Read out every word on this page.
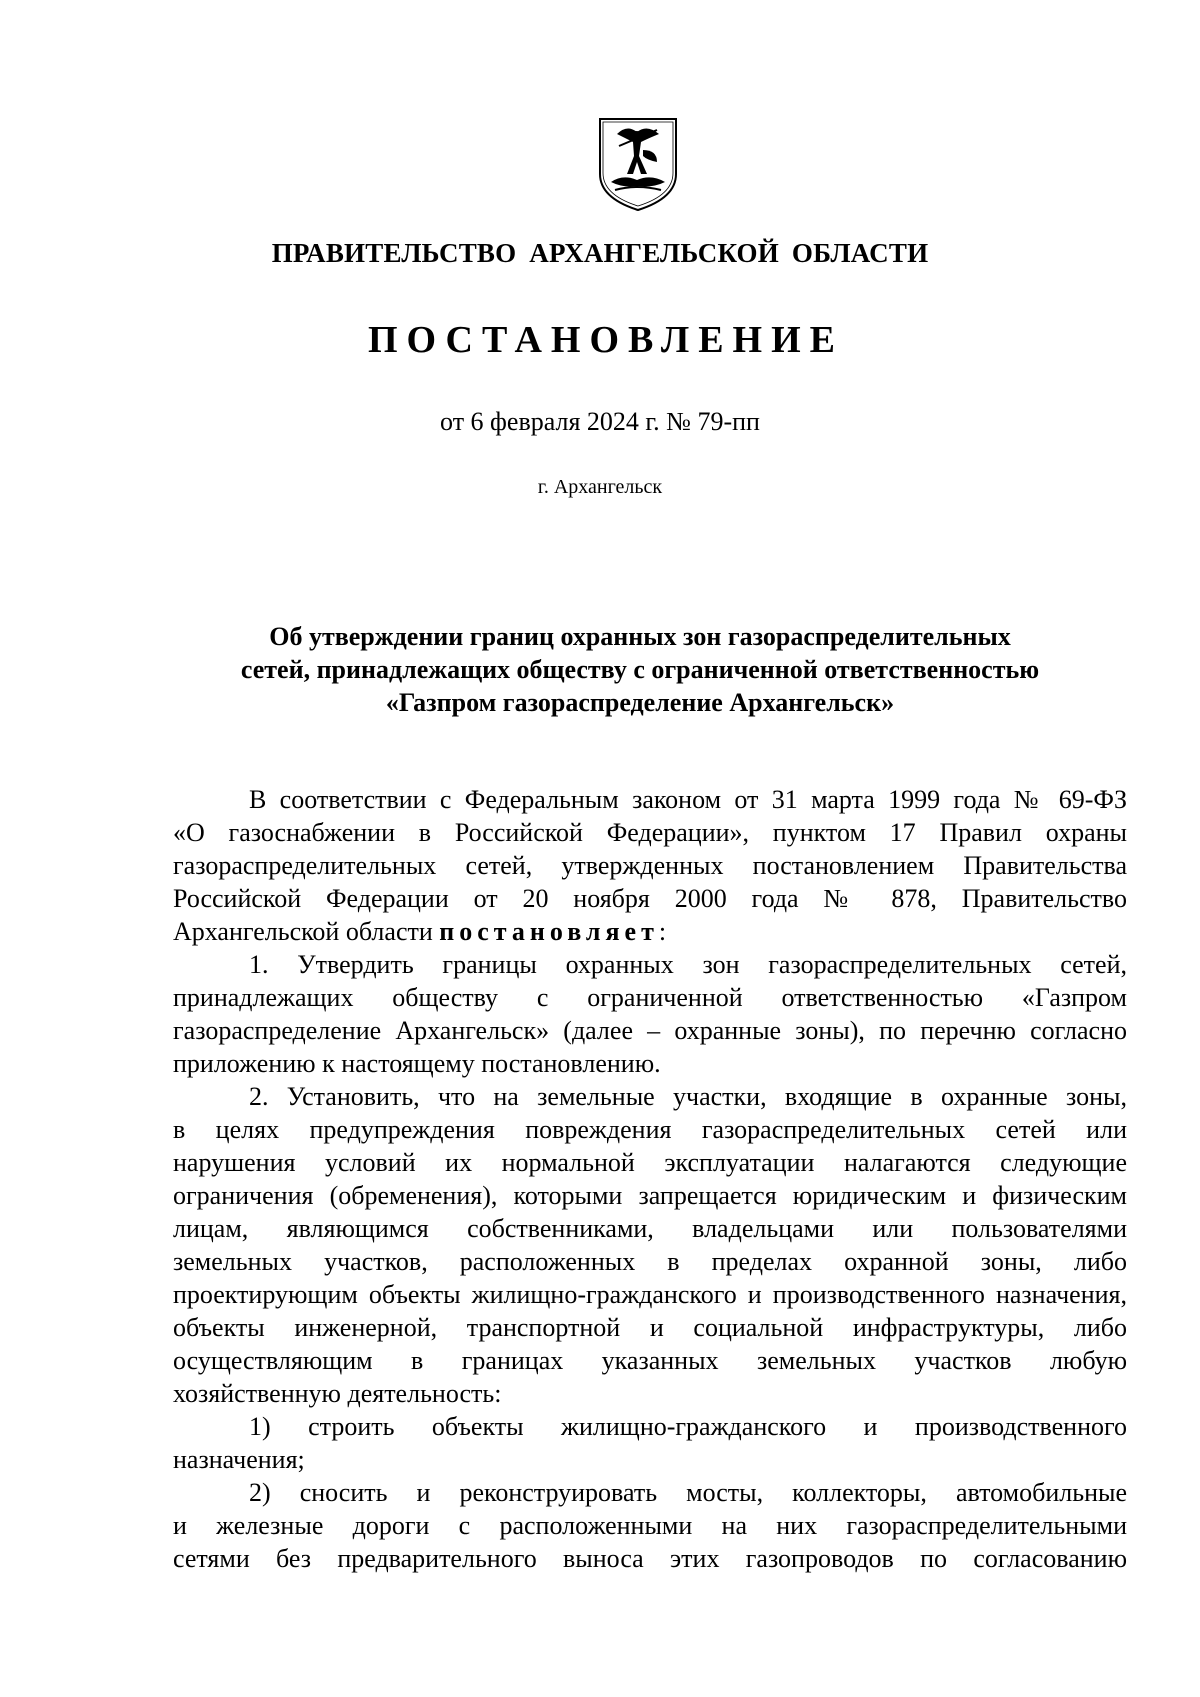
ПРАВИТЕЛЬСТВО АРХАНГЕЛЬСКОЙ ОБЛАСТИ
ПОСТАНОВЛЕНИЕ
от 6 февраля 2024 г. № 79-пп
г. Архангельск
Об утверждении границ охранных зон газораспределительных
сетей, принадлежащих обществу с ограниченной ответственностью
«Газпром газораспределение Архангельск»
В соответствии с Федеральным законом от 31 марта 1999 года № 69-ФЗ
«О газоснабжении в Российской Федерации», пунктом 17 Правил охраны
газораспределительных сетей, утвержденных постановлением Правительства
Российской Федерации от 20 ноября 2000 года № 878, Правительство
Архангельской области постановляет:
1. Утвердить границы охранных зон газораспределительных сетей,
принадлежащих обществу с ограниченной ответственностью «Газпром
газораспределение Архангельск» (далее – охранные зоны), по перечню согласно
приложению к настоящему постановлению.
2. Установить, что на земельные участки, входящие в охранные зоны,
в целях предупреждения повреждения газораспределительных сетей или
нарушения условий их нормальной эксплуатации налагаются следующие
ограничения (обременения), которыми запрещается юридическим и физическим
лицам, являющимся собственниками, владельцами или пользователями
земельных участков, расположенных в пределах охранной зоны, либо
проектирующим объекты жилищно-гражданского и производственного назначения,
объекты инженерной, транспортной и социальной инфраструктуры, либо
осуществляющим в границах указанных земельных участков любую
хозяйственную деятельность:
1) строить объекты жилищно-гражданского и производственного
назначения;
2) сносить и реконструировать мосты, коллекторы, автомобильные
и железные дороги с расположенными на них газораспределительными
сетями без предварительного выноса этих газопроводов по согласованию
